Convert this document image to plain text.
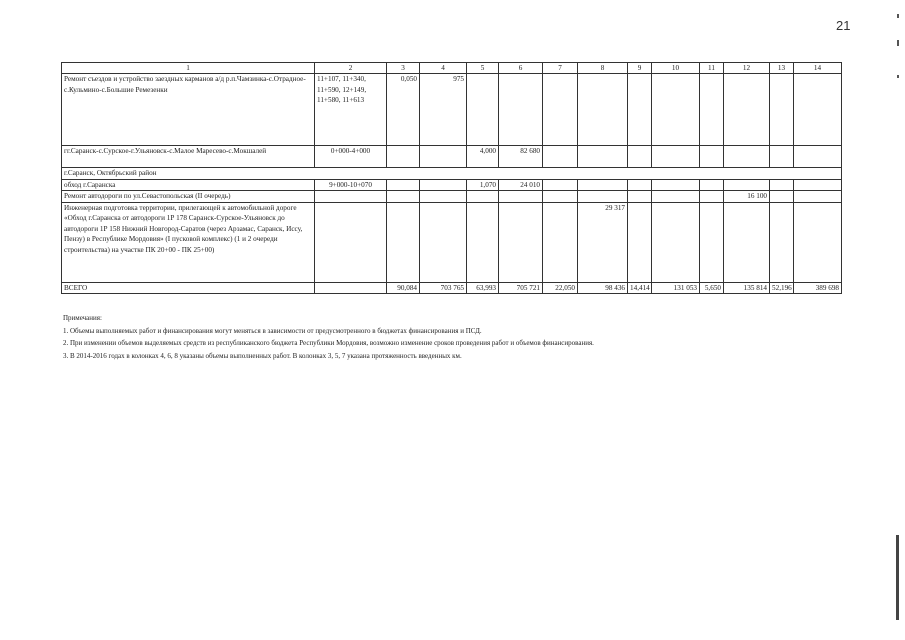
21
1	2	3	4	5	6	7	8	9	10	11	12	13	14
Ремонт съездов и устройство заездных карманов а/д р.п.Чамзинка-с.Отрадное-с.Кульмино-с.Большие Ремезенки	11+107, 11+340, 11+590, 12+149, 11+580, 11+613	0,050	975										
гг.Саранск-с.Сурское-г.Ульяновск-с.Малое Маресево-с.Мокшалей	0+000-4+000			4,000	82 680								
г.Саранск, Октябрьский район													
обход г.Саранска	9+000-10+070			1,070	24 010								
Ремонт автодороги по ул.Севастопольская (II очередь)											16 100		
Инженерная подготовка территории, прилегающей к автомобильной дороге «Обход г.Саранска от автодороги 1Р 178 Саранск-Сурское-Ульяновск до автодороги 1Р 158 Нижний Новгород-Саратов (через Арзамас, Саранск, Иссу, Пензу) в Республике Мордовия» (I пусковой комплекс) (1 и 2 очереди строительства) на участке ПК 20+00 - ПК 25+00)							29 317						
ВСЕГО		90,084	703 765	63,993	705 721	22,050	98 436	14,414	131 053	5,650	135 814	52,196	389 698

Примечания:

1. Объемы выполняемых работ и финансирования могут меняться в зависимости от предусмотренного в бюджетах финансирования и ПСД.

2. При изменении объемов выделяемых средств из республиканского бюджета Республики Мордовия, возможно изменение сроков проведения работ и объемов финансирования.

3. В 2014-2016 годах в колонках 4, 6, 8 указаны объемы выполненных работ. В колонках 3, 5, 7 указана протяженность введенных км.
